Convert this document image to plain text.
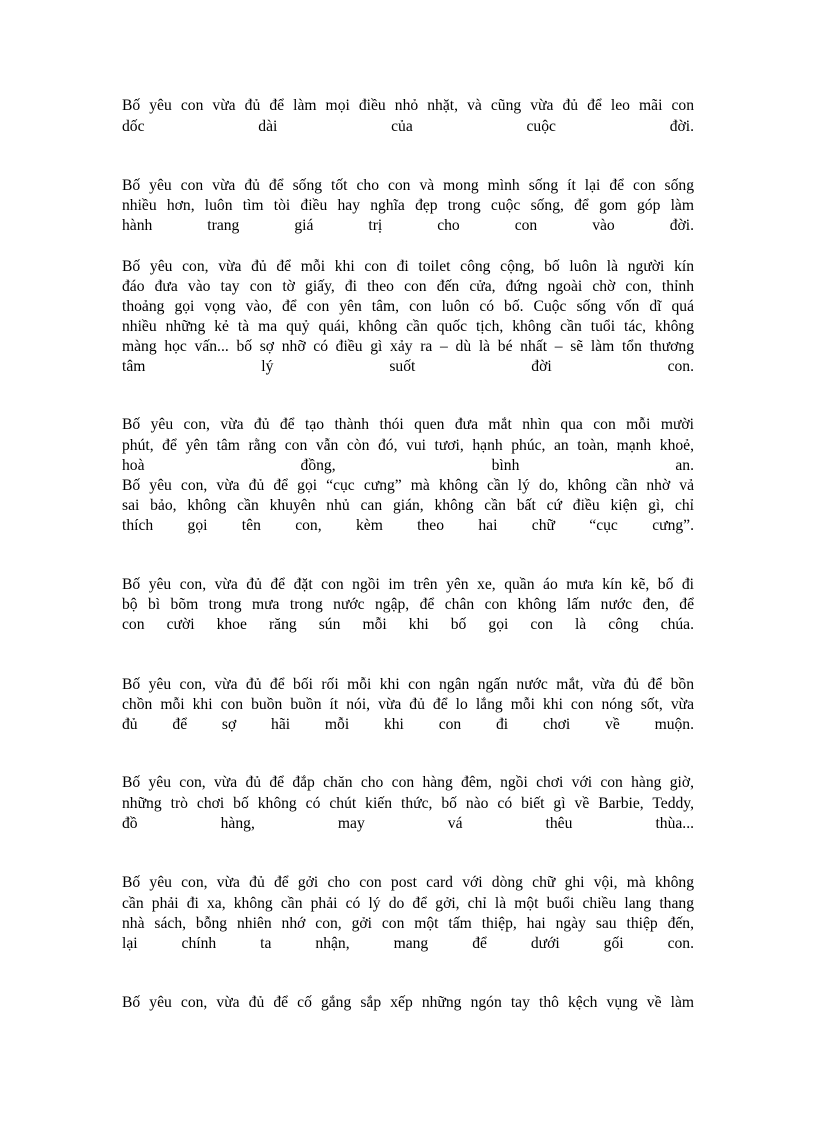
Bố yêu con vừa đủ để làm mọi điều nhỏ nhặt, và cũng vừa đủ để leo mãi con
dốc dài của cuộc đời.
Bố yêu con vừa đủ để sống tốt cho con và mong mình sống ít lại để con sống
nhiều hơn, luôn tìm tòi điều hay nghĩa đẹp trong cuộc sống, để gom góp làm
hành trang giá trị cho con vào đời.
Bố yêu con, vừa đủ để mỗi khi con đi toilet công cộng, bố luôn là người kín
đáo đưa vào tay con tờ giấy, đi theo con đến cửa, đứng ngoài chờ con, thỉnh
thoảng gọi vọng vào, để con yên tâm, con luôn có bố. Cuộc sống vốn dĩ quá
nhiều những kẻ tà ma quỷ quái, không cần quốc tịch, không cần tuổi tác, không
màng học vấn... bố sợ nhỡ có điều gì xảy ra – dù là bé nhất – sẽ làm tổn thương
tâm lý suốt đời con.
Bố yêu con, vừa đủ để tạo thành thói quen đưa mắt nhìn qua con mỗi mười
phút, để yên tâm rằng con vẫn còn đó, vui tươi, hạnh phúc, an toàn, mạnh khoẻ,
hoà đồng, bình an.
Bố yêu con, vừa đủ để gọi “cục cưng” mà không cần lý do, không cần nhờ vả
sai bảo, không cần khuyên nhủ can gián, không cần bất cứ điều kiện gì, chỉ
thích gọi tên con, kèm theo hai chữ “cục cưng”.
Bố yêu con, vừa đủ để đặt con ngồi im trên yên xe, quần áo mưa kín kẽ, bố đi
bộ bì bõm trong mưa trong nước ngập, để chân con không lấm nước đen, để
con cười khoe răng sún mỗi khi bố gọi con là công chúa.
Bố yêu con, vừa đủ để bối rối mỗi khi con ngân ngấn nước mắt, vừa đủ để bồn
chồn mỗi khi con buồn buồn ít nói, vừa đủ để lo lắng mỗi khi con nóng sốt, vừa
đủ để sợ hãi mỗi khi con đi chơi về muộn.
Bố yêu con, vừa đủ để đắp chăn cho con hàng đêm, ngồi chơi với con hàng giờ,
những trò chơi bố không có chút kiến thức, bố nào có biết gì về Barbie, Teddy,
đồ hàng, may vá thêu thùa...
Bố yêu con, vừa đủ để gởi cho con post card với dòng chữ ghi vội, mà không
cần phải đi xa, không cần phải có lý do để gởi, chỉ là một buổi chiều lang thang
nhà sách, bỗng nhiên nhớ con, gởi con một tấm thiệp, hai ngày sau thiệp đến,
lại chính ta nhận, mang để dưới gối con.
Bố yêu con, vừa đủ để cố gắng sắp xếp những ngón tay thô kệch vụng về làm
